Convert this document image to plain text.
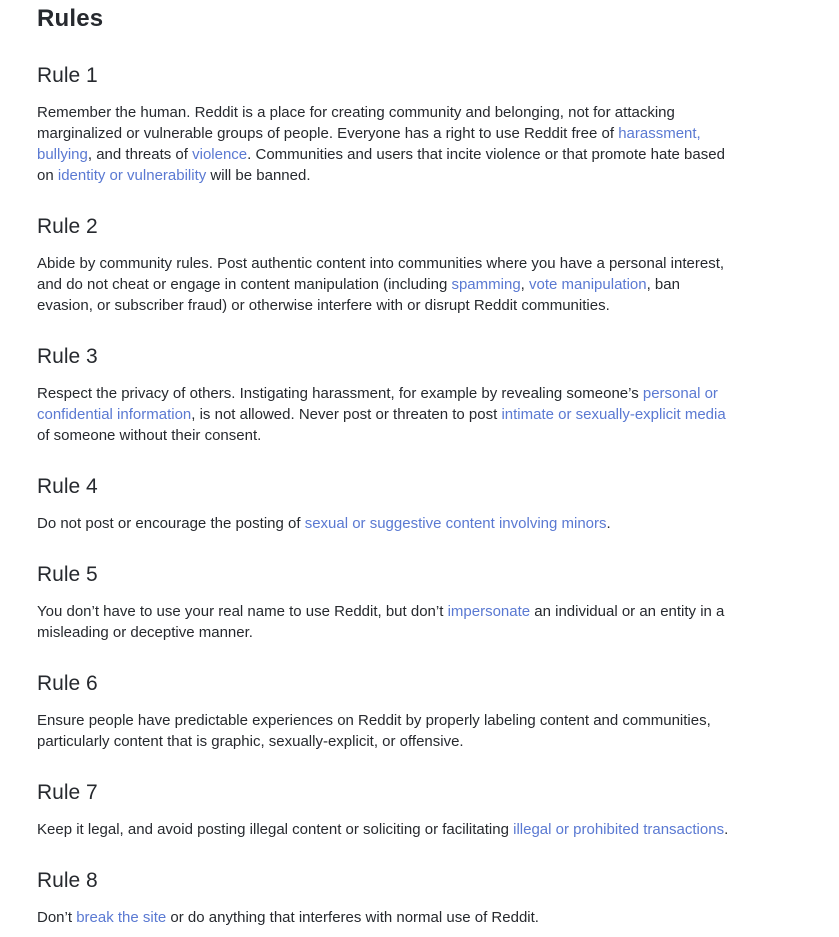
Rules
Rule 1

Remember the human. Reddit is a place for creating community and belonging, not for attacking marginalized or vulnerable groups of people. Everyone has a right to use Reddit free of harassment, bullying, and threats of violence. Communities and users that incite violence or that promote hate based on identity or vulnerability will be banned.

Rule 2

Abide by community rules. Post authentic content into communities where you have a personal interest, and do not cheat or engage in content manipulation (including spamming, vote manipulation, ban evasion, or subscriber fraud) or otherwise interfere with or disrupt Reddit communities.

Rule 3

Respect the privacy of others. Instigating harassment, for example by revealing someone’s personal or confidential information, is not allowed. Never post or threaten to post intimate or sexually-explicit media of someone without their consent.

Rule 4

Do not post or encourage the posting of sexual or suggestive content involving minors.

Rule 5

You don’t have to use your real name to use Reddit, but don’t impersonate an individual or an entity in a misleading or deceptive manner.

Rule 6

Ensure people have predictable experiences on Reddit by properly labeling content and communities, particularly content that is graphic, sexually-explicit, or offensive.

Rule 7

Keep it legal, and avoid posting illegal content or soliciting or facilitating illegal or prohibited transactions.

Rule 8

Don’t break the site or do anything that interferes with normal use of Reddit.
